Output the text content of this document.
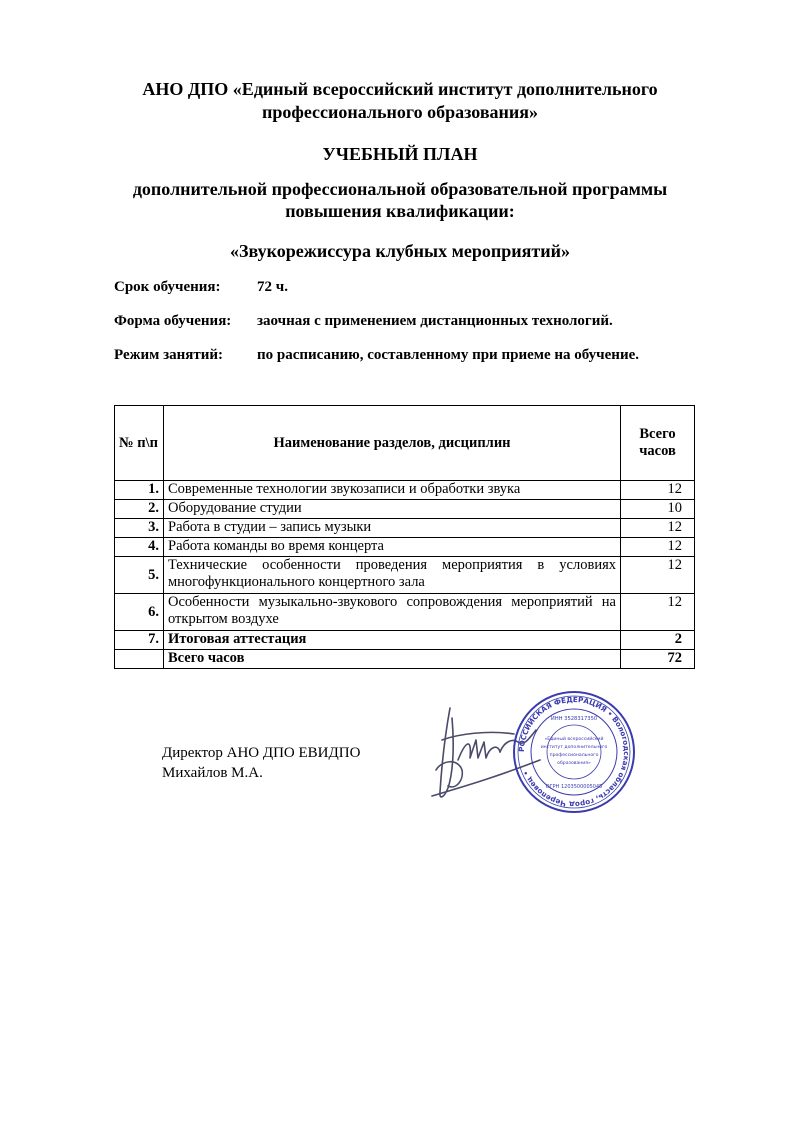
АНО ДПО «Единый всероссийский институт дополнительного
профессионального образования»
УЧЕБНЫЙ ПЛАН
дополнительной профессиональной образовательной программы
повышения квалификации:
«Звукорежиссура клубных мероприятий»
Срок обучения: 72 ч.
Форма обучения: заочная с применением дистанционных технологий.
Режим занятий: по расписанию, составленному при приеме на обучение.
№ п\п	Наименование разделов, дисциплин	Всего
часов

1.	Современные технологии звукозаписи и обработки звука	12
2.	Оборудование студии	10
3.	Работа в студии – запись музыки	12
4.	Работа команды во время концерта	12
5.	Технические особенности проведения мероприятия в условиях многофункционального концертного зала	12
6.	Особенности музыкально-звукового сопровождения мероприятий на открытом воздухе	12
7.	Итоговая аттестация	2
	Всего часов	72
Директор АНО ДПО ЕВИДПО
Михайлов М.А.
РОССИЙСКАЯ ФЕДЕРАЦИЯ • Вологодская область, город Череповец •
ИНН 3528317350
ОГРН 1203500005045
«Единый всероссийский
институт дополнительного
профессионального
образования»
